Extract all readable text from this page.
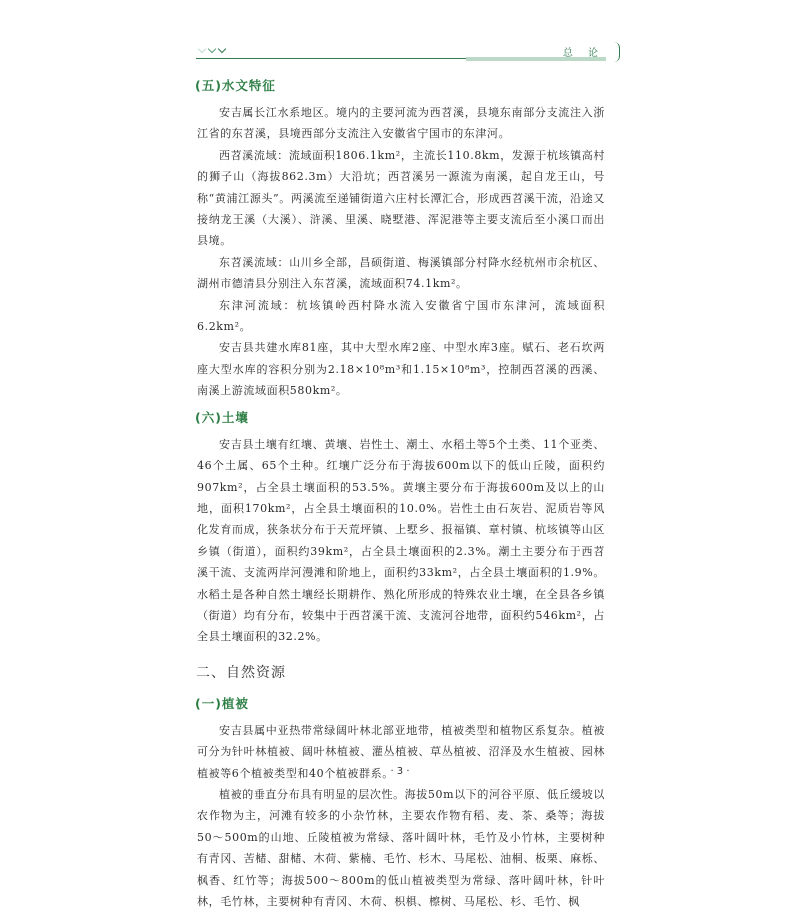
总 论
(五)水文特征

安吉属长江水系地区。境内的主要河流为西苕溪，县境东南部分支流注入浙江省的东苕溪，县境西部分支流注入安徽省宁国市的东津河。

西苕溪流域：流域面积1806.1km²，主流长110.8km，发源于杭垓镇高村的狮子山（海拔862.3m）大沿坑；西苕溪另一源流为南溪，起自龙王山，号称“黄浦江源头”。两溪流至递铺街道六庄村长潭汇合，形成西苕溪干流，沿途又接纳龙王溪（大溪）、浒溪、里溪、晓墅港、浑泥港等主要支流后至小溪口而出县境。

东苕溪流域：山川乡全部，昌硕街道、梅溪镇部分村降水经杭州市余杭区、湖州市德清县分别注入东苕溪，流域面积74.1km²。

东津河流域：杭垓镇岭西村降水流入安徽省宁国市东津河，流域面积6.2km²。

安吉县共建水库81座，其中大型水库2座、中型水库3座。赋石、老石坎两座大型水库的容积分别为2.18×10⁸m³和1.15×10⁸m³，控制西苕溪的西溪、南溪上游流域面积580km²。

(六)土壤

安吉县土壤有红壤、黄壤、岩性土、潮土、水稻土等5个土类、11个亚类、46个土属、65个土种。红壤广泛分布于海拔600m以下的低山丘陵，面积约907km²，占全县土壤面积的53.5%。黄壤主要分布于海拔600m及以上的山地，面积170km²，占全县土壤面积的10.0%。岩性土由石灰岩、泥质岩等风化发育而成，狭条状分布于天荒坪镇、上墅乡、报福镇、章村镇、杭垓镇等山区乡镇（街道），面积约39km²，占全县土壤面积的2.3%。潮土主要分布于西苕溪干流、支流两岸河漫滩和阶地上，面积约33km²，占全县土壤面积的1.9%。水稻土是各种自然土壤经长期耕作、熟化所形成的特殊农业土壤，在全县各乡镇（街道）均有分布，较集中于西苕溪干流、支流河谷地带，面积约546km²，占全县土壤面积的32.2%。

二、自然资源
(一)植被

安吉县属中亚热带常绿阔叶林北部亚地带，植被类型和植物区系复杂。植被可分为针叶林植被、阔叶林植被、灌丛植被、草丛植被、沼泽及水生植被、园林植被等6个植被类型和40个植被群系。

植被的垂直分布具有明显的层次性。海拔50m以下的河谷平原、低丘缓坡以农作物为主，河滩有较多的小杂竹林，主要农作物有稻、麦、茶、桑等；海拔50～500m的山地、丘陵植被为常绿、落叶阔叶林，毛竹及小竹林，主要树种有青冈、苦槠、甜槠、木荷、紫楠、毛竹、杉木、马尾松、油桐、板栗、麻栎、枫香、红竹等；海拔500～800m的低山植被类型为常绿、落叶阔叶林，针叶林，毛竹林，主要树种有青冈、木荷、枳椇、檫树、马尾松、杉、毛竹、枫

· 3 ·
